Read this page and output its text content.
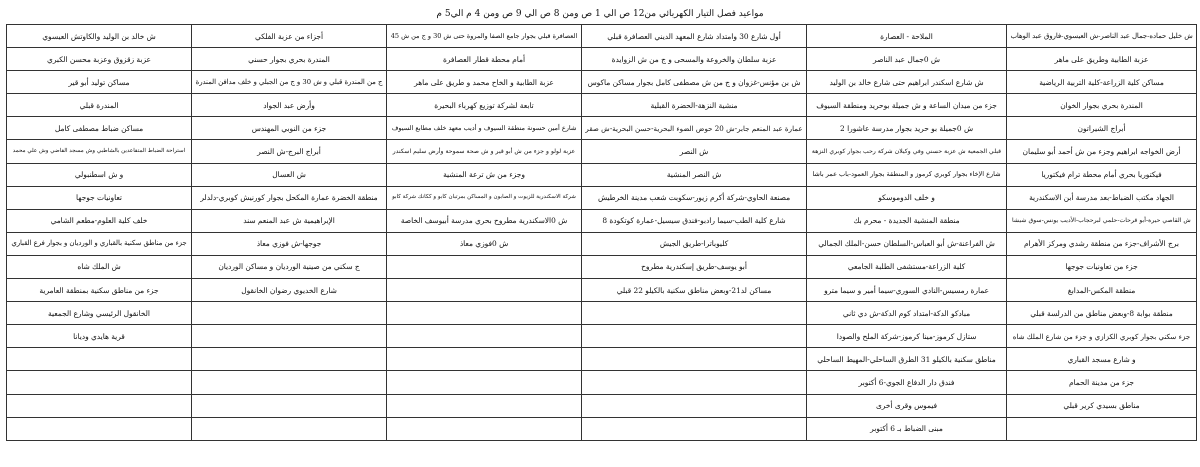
مواعيد فصل التيار الكهربائي من12 ص الي 1 ص ومن 8 ص الي 9 ص ومن 4 م الي5 م
ش خليل حماده-جمال عبد الناصر-ش العيسوي-فاروق عبد الوهاب	الملاحة - العصارة	أول شارع 30 وامتداد شارع المعهد الديني العصافرة قبلي	العصافرة قبلي بجوار جامع الصفا والمروة حتى ش 30 و ج من ش 45	أجزاء من عزبة الفلكي	ش خالد بن الوليد والكاوتش العيسوي
عزبة الطابية وطريق على ماهر	ش 0جمال عبد الناصر	عزبة سلطان والخروعة والمسحى و ج من ش الزوايدة	أمام محطة قطار العصافرة	المندرة بحري بجوار حسني	عزبة زقزوق وعزبة محسن الكبري
مساكن كلية الزراعة-كلية التربية الرياضية	ش شارع اسكندر ابراهيم حتى شارع خالد بن الوليد	ش بن مؤنس-غزوان و ج من ش مصطفى كامل بجوار مساكن ماكوس	عزبة الطابية و الخاح محمد و طريق على ماهر	ج من المندرة قبلي و ش 30 و ج من الجبلي و خلف مدافن المندرة	مساكن توليد أبو قير
المندرة بحري بجوار الخوان	جزء من ميدان الساعة و ش جميلة بوحريد ومنطقة السيوف	منشية النزهة-الحضرة القبلية	تابعة لشركة توزيع كهرباء البحيرة	وأرض عبد الجواد	المندرة قبلي
أبراج الشيراتون	ش 0جميلة بو حريد بجوار مدرسة عاشورا 2	عمارة عبد المنعم جابر-ش 20 حوض الضوء البحرية-حسن البحرية-ش صقر	شارع أمين حسونة منطقة السيوف و أديب معهد خلف مطابع السيوف	جزء من النوبي المهندس	مساكن ضباط مصطفى كامل
أرض الخواجه ابراهيم وجزء من ش أحمد أبو سليمان	قبلي الجمعية ش عزبة حسني وفي وكيلان شركة رحب بجوار كوبري النزهة	ش النصر	عزبة لولو و جزء من ش أبو قير و ش صحة سموحة وأرض سليم اسكندر	أبراج البرج-ش النصر	استراحة الضباط المتقاعدين بالشاطبي وش مسجد القاضي وش علي محمد
فيكتوريا بحري أمام محطة ترام فيكتوريا	شارع الإخاء بجوار كوبري كرموز و المنطقة بجوار العمود-باب عمر باشا	ش النصر المنشية	وجزء من ش ترعة المنشية	ش العسال	و ش اسطنبولي
الجهاد مكتب الضباط-بعد مدرسة أبن الاسكندرية	و خلف الدوموسكو	مصنعة الحاوي-شركة أكرم زيور-سكوبت شعب مدينة الخرطيش	شركة الاسكندرية للزيوت و الصابون و المساكن بمرتبان كابو و ككانك شركة كابو	منطقة الخضرة عمارة المكحل بجوار كورنيش كوبري-دلدلر	تعاونيات جوجها
ش القاصي حيرة-أبو قرحات-حلمي لبرحجاب-الأديب يونس-سوق شيشا	منطقة المنشية الجديدة - محرم بك	شارع كلية الطب-سيما رادبو-فندق سيسيل-عمارة كوتكودة 8	ش 0الاسكندرية مطروح بحري مدرسة أبيوسف الخاصة	الإبراهيمية ش عبد المنعم سند	خلف كلية العلوم-مطعم الشامي
برج الأشراف-جزء من منطقة رشدي ومركز الأهرام	ش الفراعنة-ش أبو العباس-السلطان حسن-الملك الجمالي	كليوباترا-طريق الجيش	ش 0فوزي معاذ	جوجها-ش فوزي معاذ	جزء من مناطق سكنية بالقباري و الورديان و بجوار فرع القباري
جزء من تعاونيات جوجها	كلية الزراعة-مستشفى الطلبة الجامعي	أبو يوسف-طريق إسكندرية مطروح		ج سكني من صينية الورديان و مساكن الورديان	ش الملك شاه
منطقة المكس-المدابغ	عمارة رمسيس-النادي السوري-سيما أمير و سيما مترو	مساكن لد21-وبعض مناطق سكنية بالكيلو 22 قبلي		شارع الخديوي رضوان الخانقول	جزء من مناطق سكنية بمنطقة العامرية
منطقة بوابة 8-وبعض مناطق من الدرلسة قبلي	مبادكو الدكة-امتداد كوم الدكة-ش دي ثاني				الخانقول الرئيسي وشارع الجمعية
جزء سكني بجوار كوبري الكزازي و جزء من شارع الملك شاه	ستازل كرموز-مينا كرموز-شركة الملح والصودا				قرية هايدي وديانا
و شارع مسجد القباري	مناطق سكنية بالكيلو 31 الطرق الساحلي-المهيط الساحلي				
جزء من مدينة الحمام	فندق دار الدفاع الجوي-6 أكتوبر				
مناطق بسيدي كرير قبلي	فيموس وقرى أخرى				
	مبنى الضباط بـ 6 أكتوبر				
